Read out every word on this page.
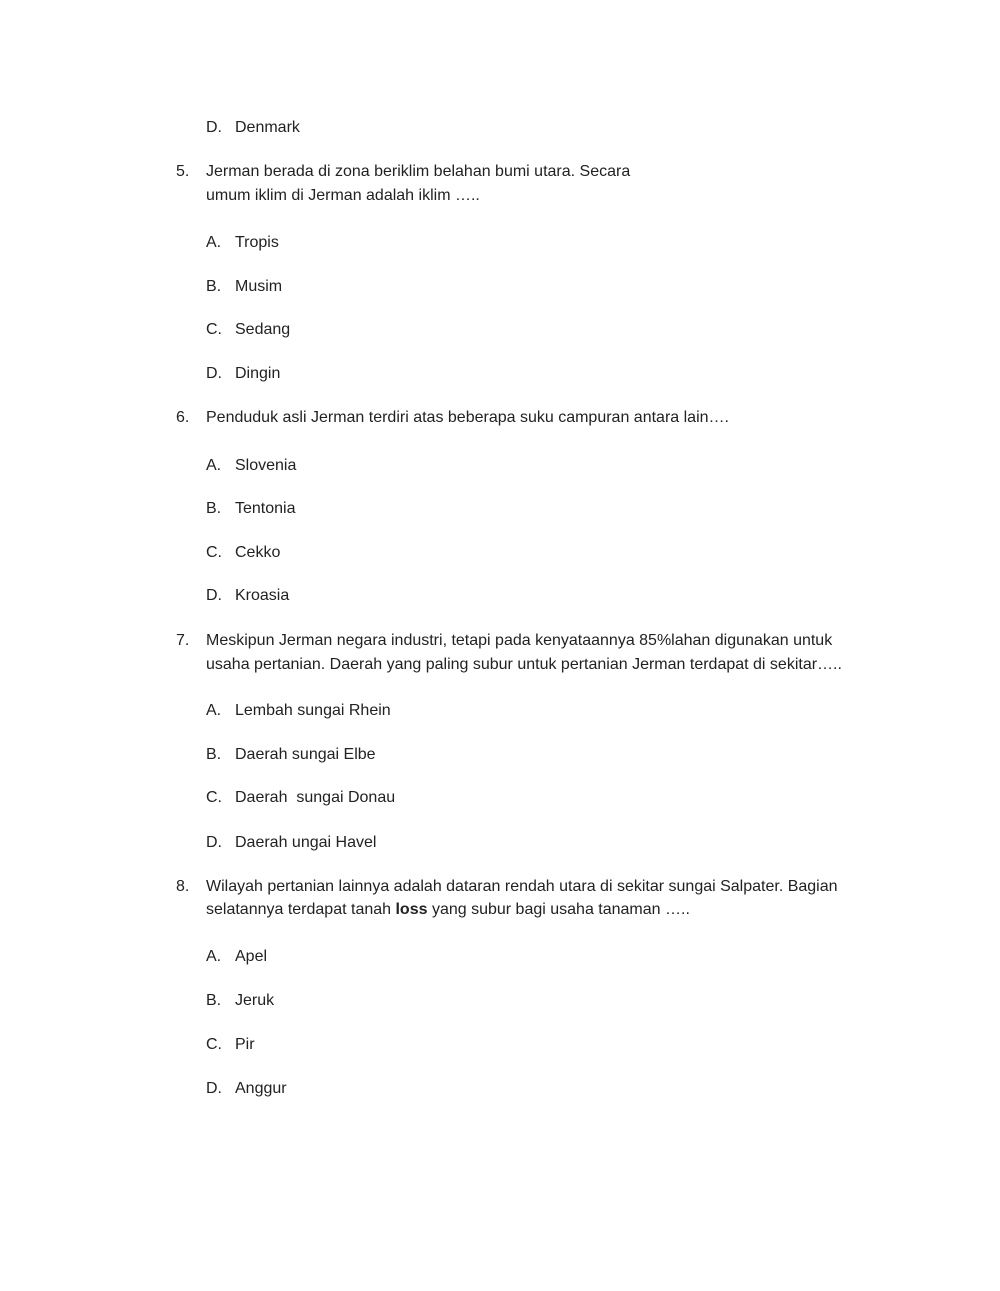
D. Denmark
5. Jerman berada di zona beriklim belahan bumi utara. Secara
umum iklim di Jerman adalah iklim …..
A. Tropis
B. Musim
C. Sedang
D. Dingin
6. Penduduk asli Jerman terdiri atas beberapa suku campuran antara lain….
A. Slovenia
B. Tentonia
C. Cekko
D. Kroasia
7. Meskipun Jerman negara industri, tetapi pada kenyataannya 85%lahan digunakan untuk
usaha pertanian. Daerah yang paling subur untuk pertanian Jerman terdapat di sekitar…..
A. Lembah sungai Rhein
B. Daerah sungai Elbe
C. Daerah  sungai Donau
D. Daerah ungai Havel
8. Wilayah pertanian lainnya adalah dataran rendah utara di sekitar sungai Salpater. Bagian
selatannya terdapat tanah loss yang subur bagi usaha tanaman …..
A. Apel
B. Jeruk
C. Pir
D. Anggur
